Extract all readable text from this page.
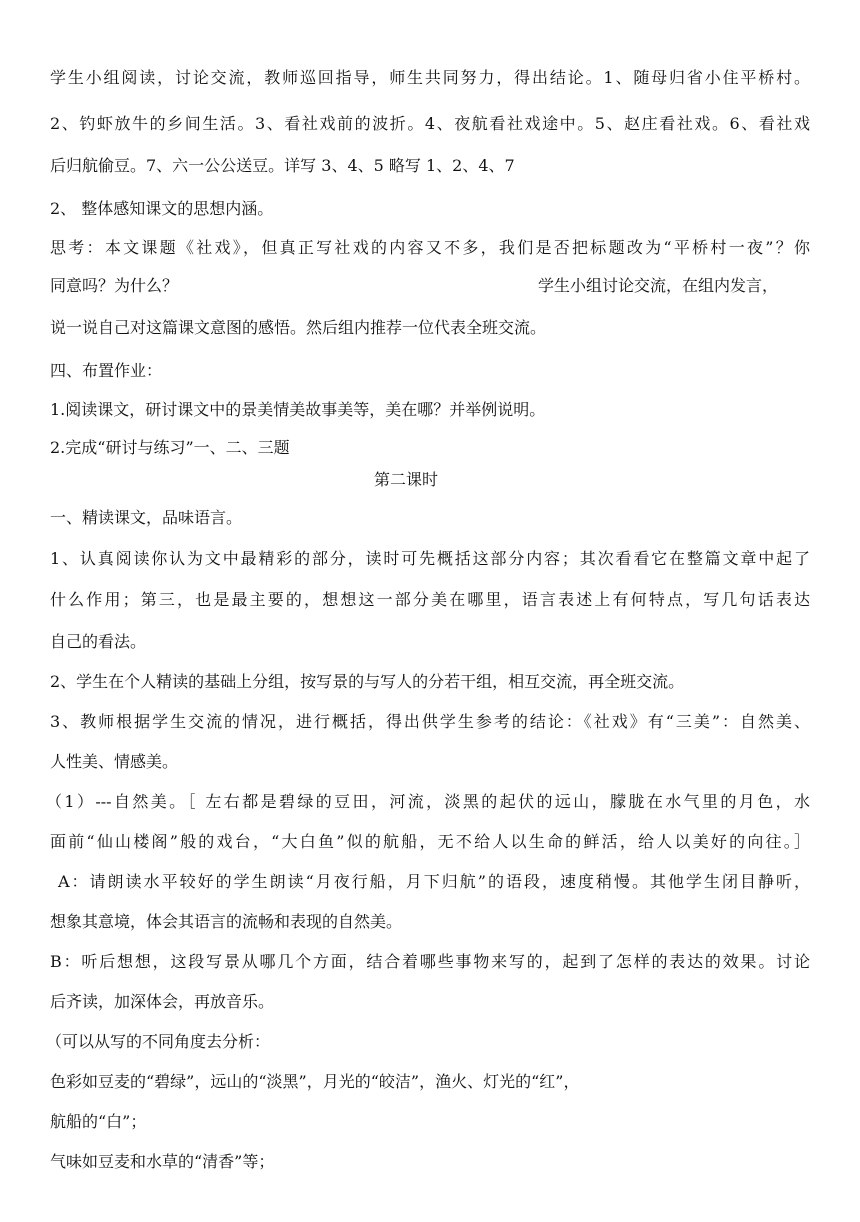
学生小组阅读，讨论交流，教师巡回指导，师生共同努力，得出结论。1、随母归省小住平桥村。
2、钓虾放牛的乡间生活。3、看社戏前的波折。4、夜航看社戏途中。5、赵庄看社戏。6、看社戏
后归航偷豆。7、六一公公送豆。详写 3、4、5 略写 1、2、4、7
2、 整体感知课文的思想内涵。
思考：本文课题《社戏》，但真正写社戏的内容又不多，我们是否把标题改为“平桥村一夜”？你
同意吗？为什么？	学生小组讨论交流，在组内发言，
说一说自己对这篇课文意图的感悟。然后组内推荐一位代表全班交流。
四、布置作业：
1.阅读课文，研讨课文中的景美情美故事美等，美在哪？并举例说明。
2.完成“研讨与练习”一、二、三题
第二课时
一、精读课文，品味语言。
1、认真阅读你认为文中最精彩的部分，读时可先概括这部分内容；其次看看它在整篇文章中起了
什么作用；第三，也是最主要的，想想这一部分美在哪里，语言表述上有何特点，写几句话表达
自己的看法。
2、学生在个人精读的基础上分组，按写景的与写人的分若干组，相互交流，再全班交流。
3、教师根据学生交流的情况，进行概括，得出供学生参考的结论：《社戏》有“三美”：自然美、
人性美、情感美。
（1）---自然美。［ 左右都是碧绿的豆田，河流，淡黑的起伏的远山，朦胧在水气里的月色，水
面前“仙山楼阁”般的戏台，“大白鱼”似的航船，无不给人以生命的鲜活，给人以美好的向往。］
A：请朗读水平较好的学生朗读“月夜行船，月下归航”的语段，速度稍慢。其他学生闭目静听，
想象其意境，体会其语言的流畅和表现的自然美。
B：听后想想，这段写景从哪几个方面，结合着哪些事物来写的，起到了怎样的表达的效果。讨论
后齐读，加深体会，再放音乐。
（可以从写的不同角度去分析：
色彩如豆麦的“碧绿”，远山的“淡黑”，月光的“皎洁”，渔火、灯光的“红”，
航船的“白”；
气味如豆麦和水草的“清香”等；
